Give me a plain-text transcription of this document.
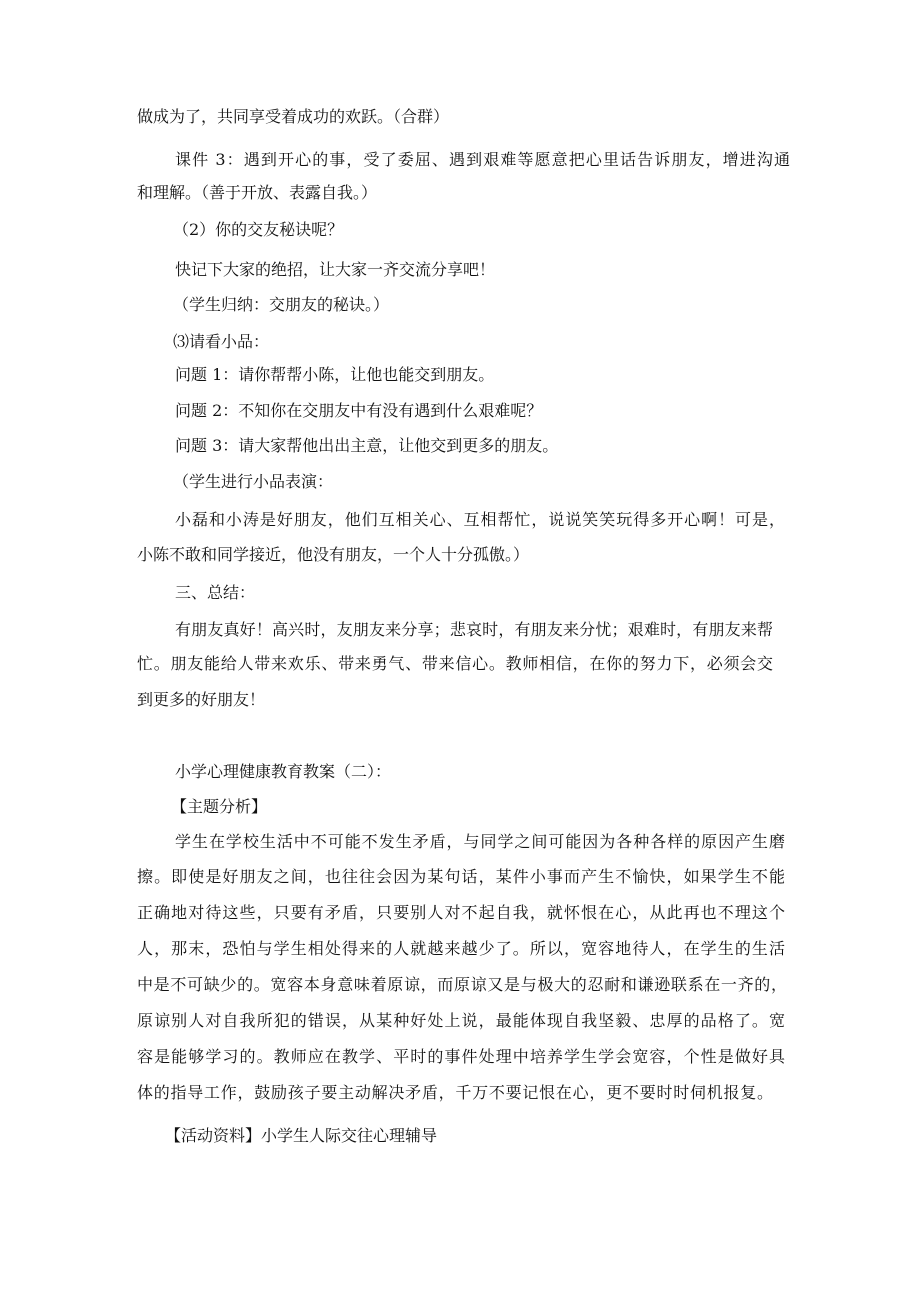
做成为了，共同享受着成功的欢跃。（合群）

课件 3：遇到开心的事，受了委屈、遇到艰难等愿意把心里话告诉朋友，增进沟通

和理解。（善于开放、表露自我。）

（2）你的交友秘诀呢？

快记下大家的绝招，让大家一齐交流分享吧！

（学生归纳：交朋友的秘诀。）

⑶请看小品：

问题 1：请你帮帮小陈，让他也能交到朋友。

问题 2：不知你在交朋友中有没有遇到什么艰难呢？

问题 3：请大家帮他出出主意，让他交到更多的朋友。

（学生进行小品表演：

小磊和小涛是好朋友，他们互相关心、互相帮忙，说说笑笑玩得多开心啊！可是，

小陈不敢和同学接近，他没有朋友，一个人十分孤傲。）

三、总结：

有朋友真好！高兴时，友朋友来分享；悲哀时，有朋友来分忧；艰难时，有朋友来帮

忙。朋友能给人带来欢乐、带来勇气、带来信心。教师相信，在你的努力下，必须会交

到更多的好朋友！

小学心理健康教育教案（二）：

【主题分析】

学生在学校生活中不可能不发生矛盾，与同学之间可能因为各种各样的原因产生磨

擦。即使是好朋友之间，也往往会因为某句话，某件小事而产生不愉快，如果学生不能

正确地对待这些，只要有矛盾，只要别人对不起自我，就怀恨在心，从此再也不理这个

人，那末，恐怕与学生相处得来的人就越来越少了。所以，宽容地待人，在学生的生活

中是不可缺少的。宽容本身意味着原谅，而原谅又是与极大的忍耐和谦逊联系在一齐的，

原谅别人对自我所犯的错误，从某种好处上说，最能体现自我坚毅、忠厚的品格了。宽

容是能够学习的。教师应在教学、平时的事件处理中培养学生学会宽容，个性是做好具

体的指导工作，鼓励孩子要主动解决矛盾，千万不要记恨在心，更不要时时伺机报复。

【活动资料】小学生人际交往心理辅导
